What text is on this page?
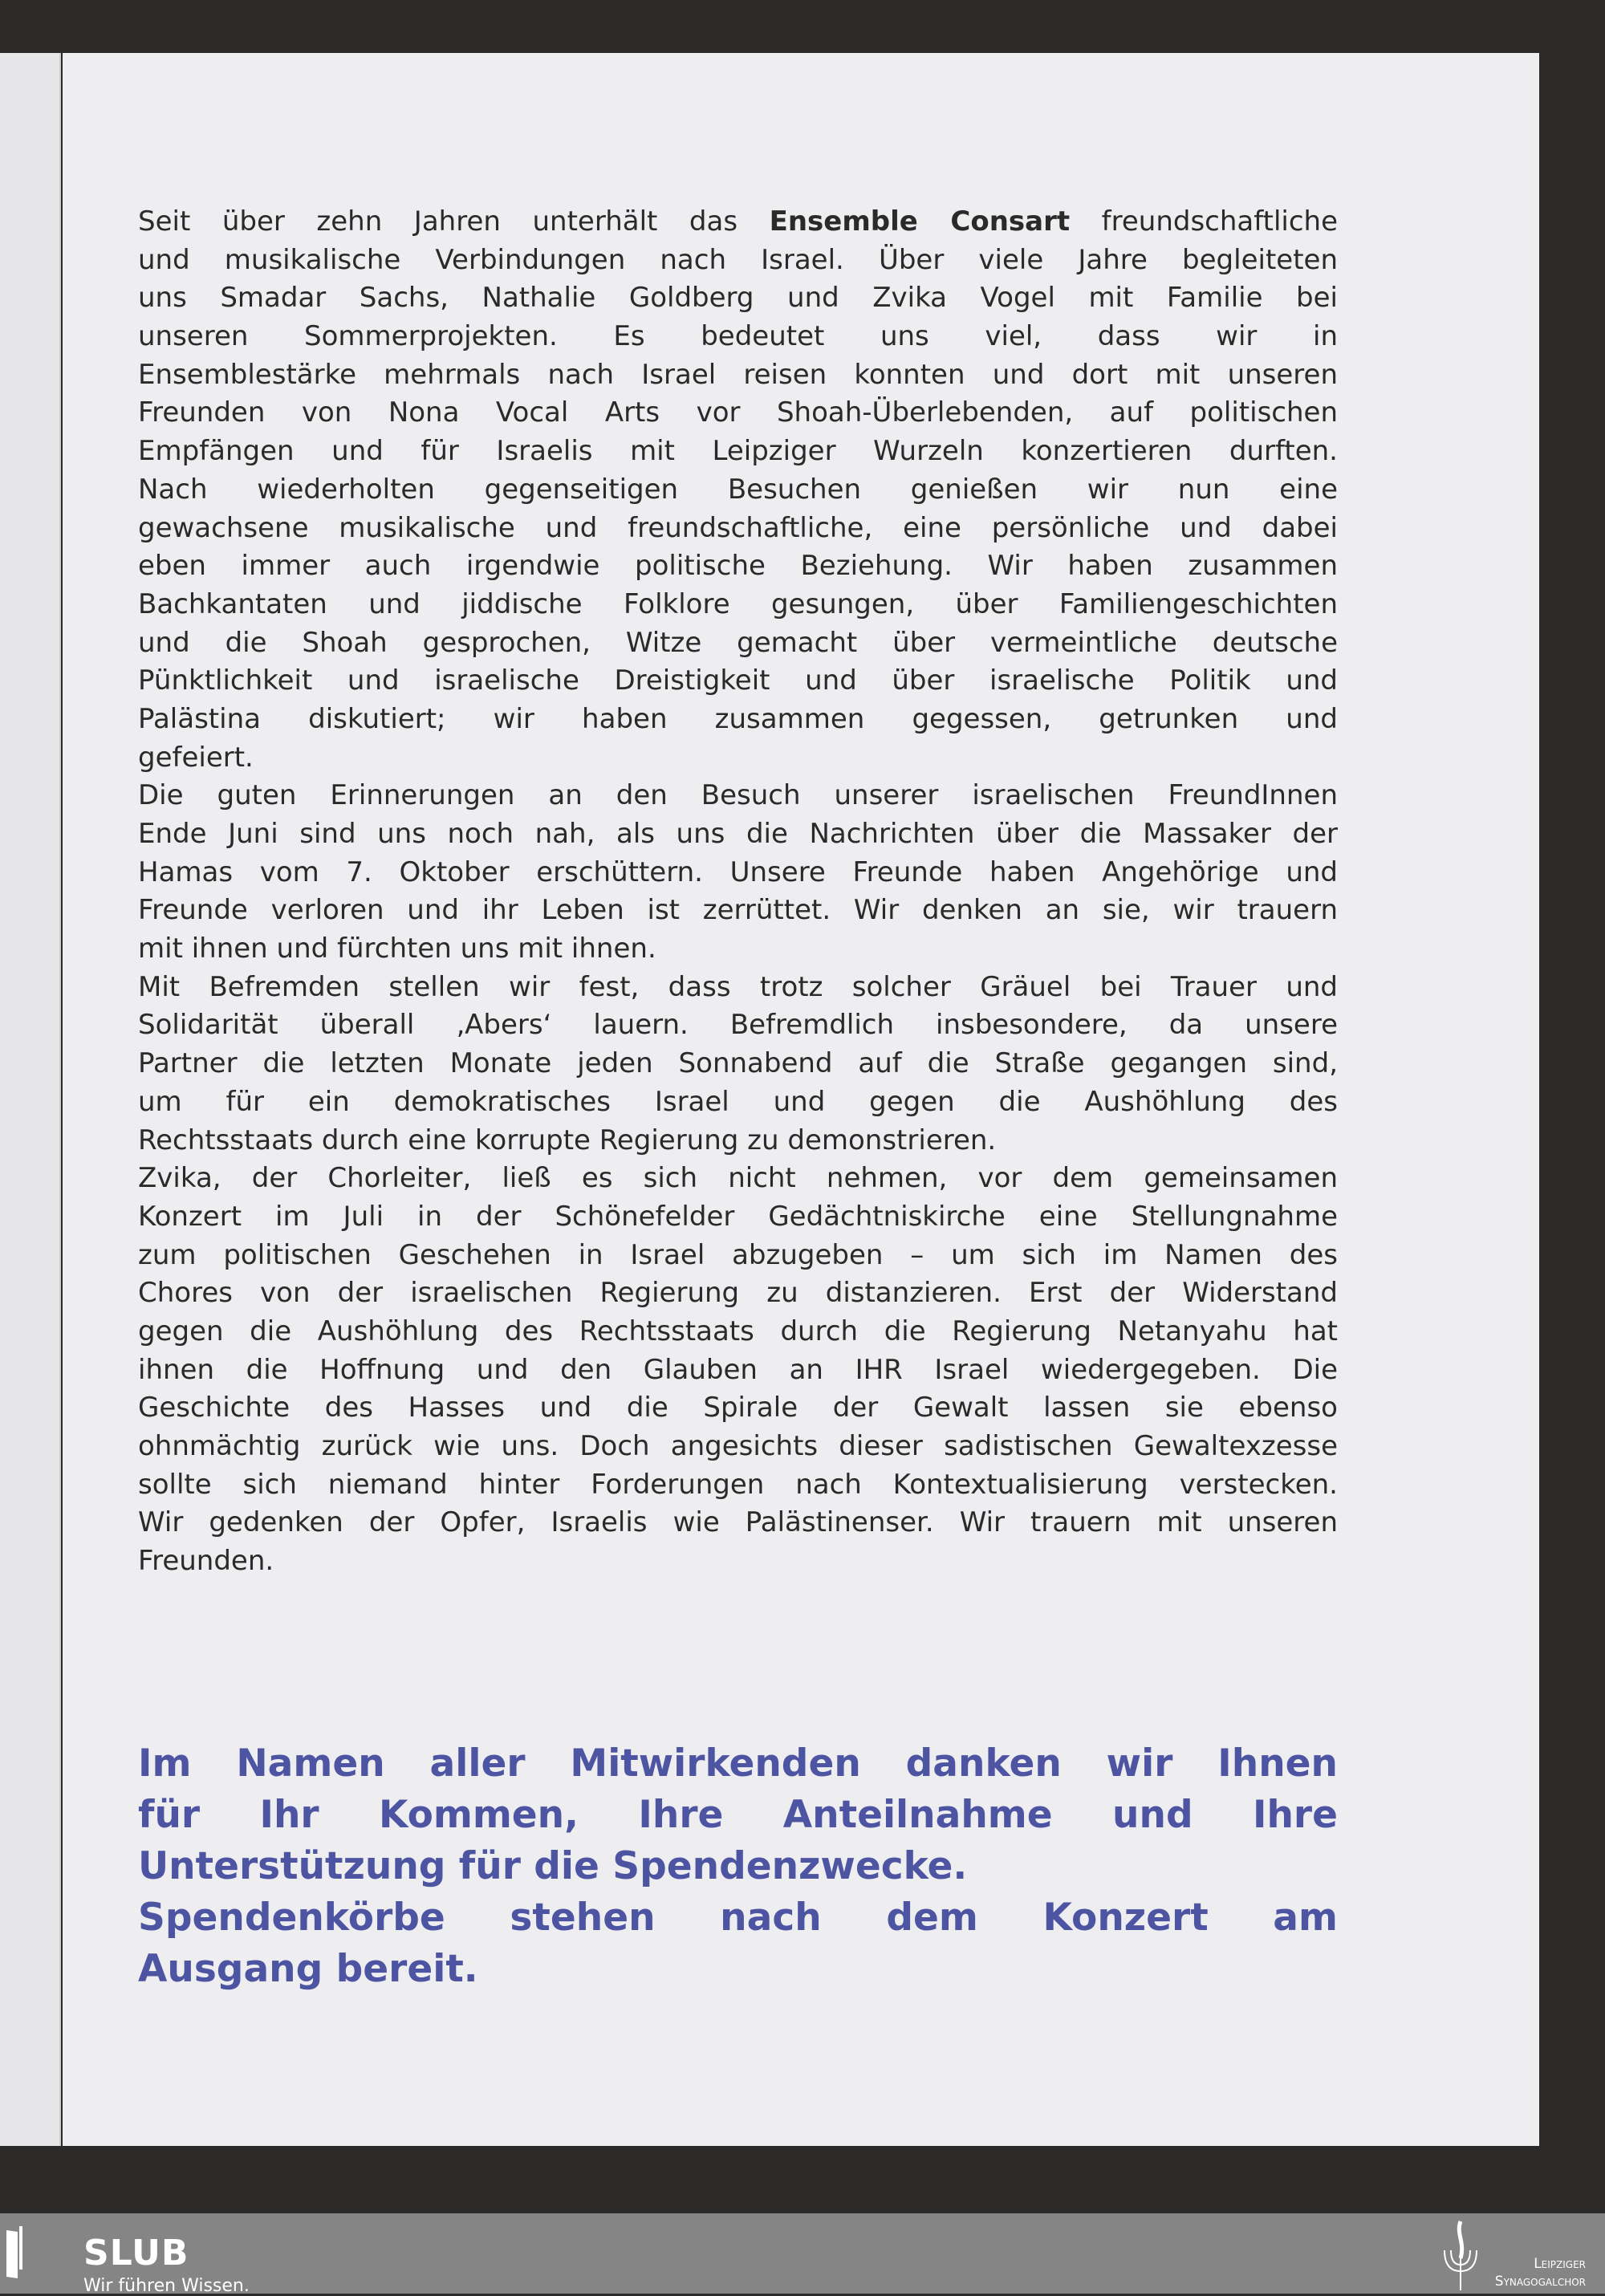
Seit über zehn Jahren unterhält das Ensemble Consart freundschaftliche
und musikalische Verbindungen nach Israel. Über viele Jahre begleiteten
uns Smadar Sachs, Nathalie Goldberg und Zvika Vogel mit Familie bei
unseren Sommerprojekten. Es bedeutet uns viel, dass wir in
Ensemblestärke mehrmals nach Israel reisen konnten und dort mit unseren
Freunden von Nona Vocal Arts vor Shoah-Überlebenden, auf politischen
Empfängen und für Israelis mit Leipziger Wurzeln konzertieren durften.
Nach wiederholten gegenseitigen Besuchen genießen wir nun eine
gewachsene musikalische und freundschaftliche, eine persönliche und dabei
eben immer auch irgendwie politische Beziehung. Wir haben zusammen
Bachkantaten und jiddische Folklore gesungen, über Familiengeschichten
und die Shoah gesprochen, Witze gemacht über vermeintliche deutsche
Pünktlichkeit und israelische Dreistigkeit und über israelische Politik und
Palästina diskutiert; wir haben zusammen gegessen, getrunken und
gefeiert.
Die guten Erinnerungen an den Besuch unserer israelischen FreundInnen
Ende Juni sind uns noch nah, als uns die Nachrichten über die Massaker der
Hamas vom 7. Oktober erschüttern. Unsere Freunde haben Angehörige und
Freunde verloren und ihr Leben ist zerrüttet. Wir denken an sie, wir trauern
mit ihnen und fürchten uns mit ihnen.
Mit Befremden stellen wir fest, dass trotz solcher Gräuel bei Trauer und
Solidarität überall ‚Abers‘ lauern. Befremdlich insbesondere, da unsere
Partner die letzten Monate jeden Sonnabend auf die Straße gegangen sind,
um für ein demokratisches Israel und gegen die Aushöhlung des
Rechtsstaats durch eine korrupte Regierung zu demonstrieren.
Zvika, der Chorleiter, ließ es sich nicht nehmen, vor dem gemeinsamen
Konzert im Juli in der Schönefelder Gedächtniskirche eine Stellungnahme
zum politischen Geschehen in Israel abzugeben – um sich im Namen des
Chores von der israelischen Regierung zu distanzieren. Erst der Widerstand
gegen die Aushöhlung des Rechtsstaats durch die Regierung Netanyahu hat
ihnen die Hoffnung und den Glauben an IHR Israel wiedergegeben. Die
Geschichte des Hasses und die Spirale der Gewalt lassen sie ebenso
ohnmächtig zurück wie uns. Doch angesichts dieser sadistischen Gewaltexzesse
sollte sich niemand hinter Forderungen nach Kontextualisierung verstecken.
Wir gedenken der Opfer, Israelis wie Palästinenser. Wir trauern mit unseren
Freunden.
Im Namen aller Mitwirkenden danken wir Ihnen
für Ihr Kommen, Ihre Anteilnahme und Ihre
Unterstützung für die Spendenzwecke.
Spendenkörbe stehen nach dem Konzert am
Ausgang bereit.
SLUB
Wir führen Wissen.
Leipziger
Synagogalchor
